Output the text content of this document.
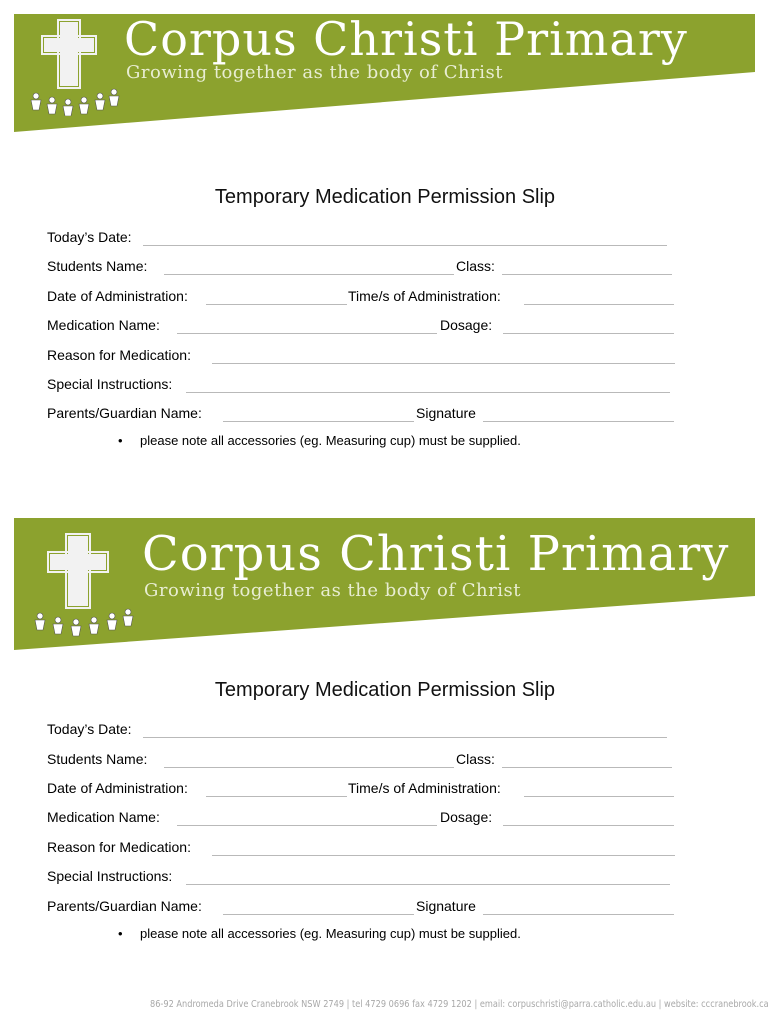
Corpus Christi Primary
Growing together as the body of Christ
Temporary Medication Permission Slip
Today’s Date:
Students Name:	Class:
Date of Administration:	Time/s of Administration:
Medication Name:	Dosage:
Reason for Medication:
Special Instructions:
Parents/Guardian Name:	Signature
• please note all accessories (eg. Measuring cup) must be supplied.
Corpus Christi Primary
Growing together as the body of Christ
Temporary Medication Permission Slip
Today’s Date:
Students Name:	Class:
Date of Administration:	Time/s of Administration:
Medication Name:	Dosage:
Reason for Medication:
Special Instructions:
Parents/Guardian Name:	Signature
• please note all accessories (eg. Measuring cup) must be supplied.
86-92 Andromeda Drive Cranebrook NSW 2749 | tel 4729 0696 fax 4729 1202 | email: corpuschristi@parra.catholic.edu.au | website: cccranebrook.ca
